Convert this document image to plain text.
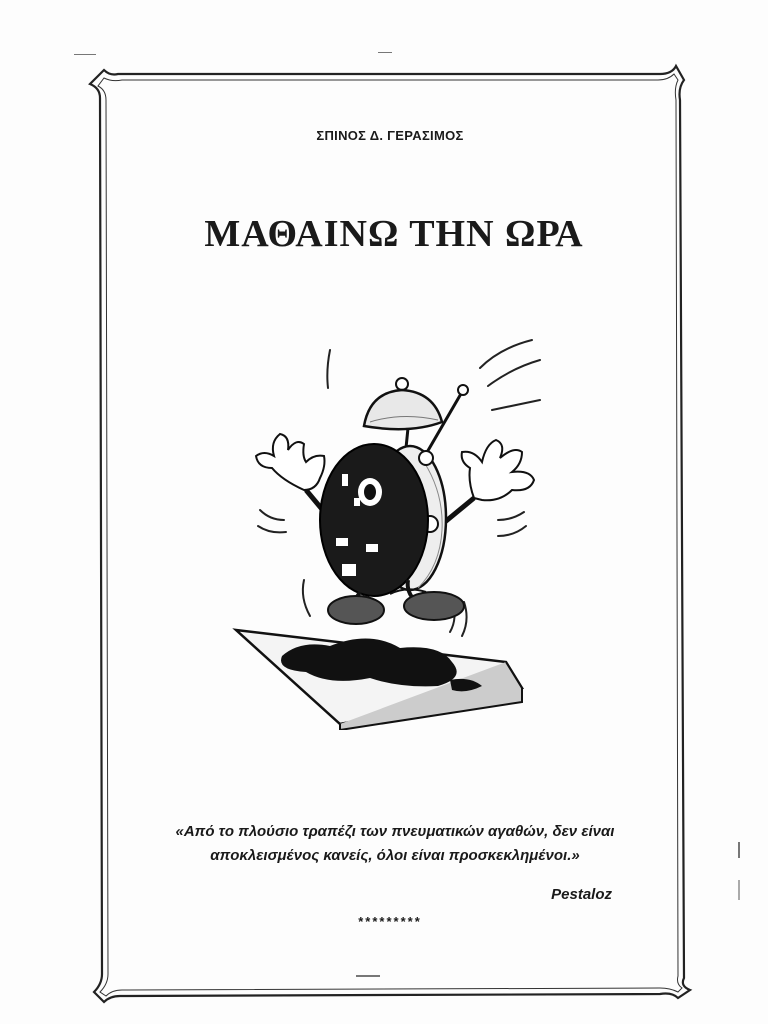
ΣΠΙΝΟΣ Δ. ΓΕΡΑΣΙΜΟΣ
ΜΑΘΑΙΝΩ ΤΗΝ ΩΡΑ
«Από το πλούσιο τραπέζι των πνευματικών αγαθών, δεν είναι αποκλεισμένος κανείς, όλοι είναι προσκεκλημένοι.»
Pestaloz
*********
